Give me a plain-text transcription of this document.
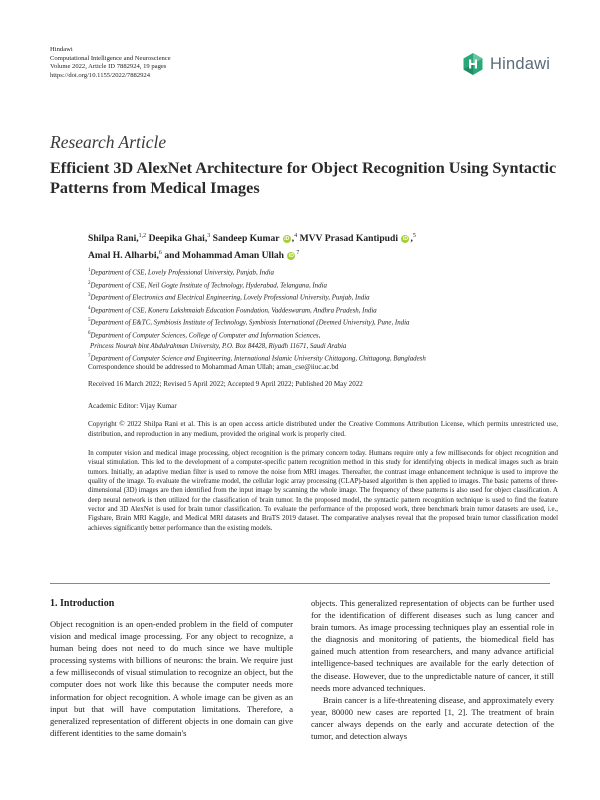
Hindawi
Computational Intelligence and Neuroscience
Volume 2022, Article ID 7882924, 19 pages
https://doi.org/10.1155/2022/7882924
Hindawi
Research Article
Efficient 3D AlexNet Architecture for Object Recognition Using Syntactic Patterns from Medical Images
Shilpa Rani,$^{1,2}$ Deepika Ghai,$^3$ Sandeep Kumar iD ,$^4$ MVV Prasad Kantipudi iD ,$^5$
Amal H. Alharbi,$^6$ and Mohammad Aman Ullah iD $^7$
$^1$Department of CSE, Lovely Professional University, Punjab, India
$^2$Department of CSE, Neil Gogte Institute of Technology, Hyderabad, Telangana, India
$^3$Department of Electronics and Electrical Engineering, Lovely Professional University, Punjab, India
$^4$Department of CSE, Koneru Lakshmaiah Education Foundation, Vaddeswaram, Andhra Pradesh, India
$^5$Department of E&TC, Symbiosis Institute of Technology, Symbiosis International (Deemed University), Pune, India
$^6$Department of Computer Sciences, College of Computer and Information Sciences,
Princess Nourah bint Abdulrahman University, P.O. Box 84428, Riyadh 11671, Saudi Arabia
$^7$Department of Computer Science and Engineering, International Islamic University Chittagong, Chittagong, Bangladesh
Correspondence should be addressed to Mohammad Aman Ullah; aman_cse@iiuc.ac.bd
Received 16 March 2022; Revised 5 April 2022; Accepted 9 April 2022; Published 20 May 2022
Academic Editor: Vijay Kumar
Copyright © 2022 Shilpa Rani et al. This is an open access article distributed under the Creative Commons Attribution License, which permits unrestricted use, distribution, and reproduction in any medium, provided the original work is properly cited.
In computer vision and medical image processing, object recognition is the primary concern today. Humans require only a few milliseconds for object recognition and visual stimulation. This led to the development of a computer-specific pattern recognition method in this study for identifying objects in medical images such as brain tumors. Initially, an adaptive median filter is used to remove the noise from MRI images. Thereafter, the contrast image enhancement technique is used to improve the quality of the image. To evaluate the wireframe model, the cellular logic array processing (CLAP)-based algorithm is then applied to images. The basic patterns of three-dimensional (3D) images are then identified from the input image by scanning the whole image. The frequency of these patterns is also used for object classification. A deep neural network is then utilized for the classification of brain tumor. In the proposed model, the syntactic pattern recognition technique is used to find the feature vector and 3D AlexNet is used for brain tumor classification. To evaluate the performance of the proposed work, three benchmark brain tumor datasets are used, i.e., Figshare, Brain MRI Kaggle, and Medical MRI datasets and BraTS 2019 dataset. The comparative analyses reveal that the proposed brain tumor classification model achieves significantly better performance than the existing models.
1. Introduction

Object recognition is an open-ended problem in the field of computer vision and medical image processing. For any object to recognize, a human being does not need to do much since we have multiple processing systems with billions of neurons: the brain. We require just a few milliseconds of visual stimulation to recognize an object, but the computer does not work like this because the computer needs more information for object recognition. A whole image can be given as an input but that will have computation limitations. Therefore, a generalized representation of different objects in one domain can give different identities to the same domain's

objects. This generalized representation of objects can be further used for the identification of different diseases such as lung cancer and brain tumors. As image processing techniques play an essential role in the diagnosis and monitoring of patients, the biomedical field has gained much attention from researchers, and many advance artificial intelligence-based techniques are available for the early detection of the disease. However, due to the unpredictable nature of cancer, it still needs more advanced techniques.

Brain cancer is a life-threatening disease, and approximately every year, 80000 new cases are reported [1, 2]. The treatment of brain cancer always depends on the early and accurate detection of the tumor, and detection always
